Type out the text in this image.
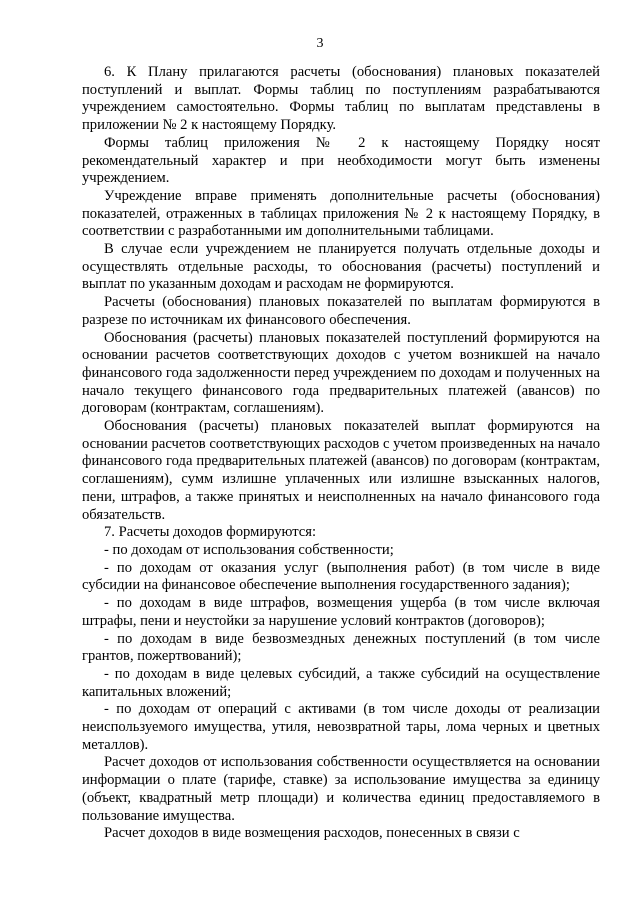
3

6. К Плану прилагаются расчеты (обоснования) плановых показателей поступлений и выплат. Формы таблиц по поступлениям разрабатываются учреждением самостоятельно. Формы таблиц по выплатам представлены в приложении № 2 к настоящему Порядку.

Формы таблиц приложения № 2 к настоящему Порядку носят рекомендательный характер и при необходимости могут быть изменены учреждением.

Учреждение вправе применять дополнительные расчеты (обоснования) показателей, отраженных в таблицах приложения № 2 к настоящему Порядку, в соответствии с разработанными им дополнительными таблицами.

В случае если учреждением не планируется получать отдельные доходы и осуществлять отдельные расходы, то обоснования (расчеты) поступлений и выплат по указанным доходам и расходам не формируются.

Расчеты (обоснования) плановых показателей по выплатам формируются в разрезе по источникам их финансового обеспечения.

Обоснования (расчеты) плановых показателей поступлений формируются на основании расчетов соответствующих доходов с учетом возникшей на начало финансового года задолженности перед учреждением по доходам и полученных на начало текущего финансового года предварительных платежей (авансов) по договорам (контрактам, соглашениям).

Обоснования (расчеты) плановых показателей выплат формируются на основании расчетов соответствующих расходов с учетом произведенных на начало финансового года предварительных платежей (авансов) по договорам (контрактам, соглашениям), сумм излишне уплаченных или излишне взысканных налогов, пени, штрафов, а также принятых и неисполненных на начало финансового года обязательств.

7. Расчеты доходов формируются:

- по доходам от использования собственности;

- по доходам от оказания услуг (выполнения работ) (в том числе в виде субсидии на финансовое обеспечение выполнения государственного задания);

- по доходам в виде штрафов, возмещения ущерба (в том числе включая штрафы, пени и неустойки за нарушение условий контрактов (договоров);

- по доходам в виде безвозмездных денежных поступлений (в том числе грантов, пожертвований);

- по доходам в виде целевых субсидий, а также субсидий на осуществление капитальных вложений;

- по доходам от операций с активами (в том числе доходы от реализации неиспользуемого имущества, утиля, невозвратной тары, лома черных и цветных металлов).

Расчет доходов от использования собственности осуществляется на основании информации о плате (тарифе, ставке) за использование имущества за единицу (объект, квадратный метр площади) и количества единиц предоставляемого в пользование имущества.

Расчет доходов в виде возмещения расходов, понесенных в связи с
